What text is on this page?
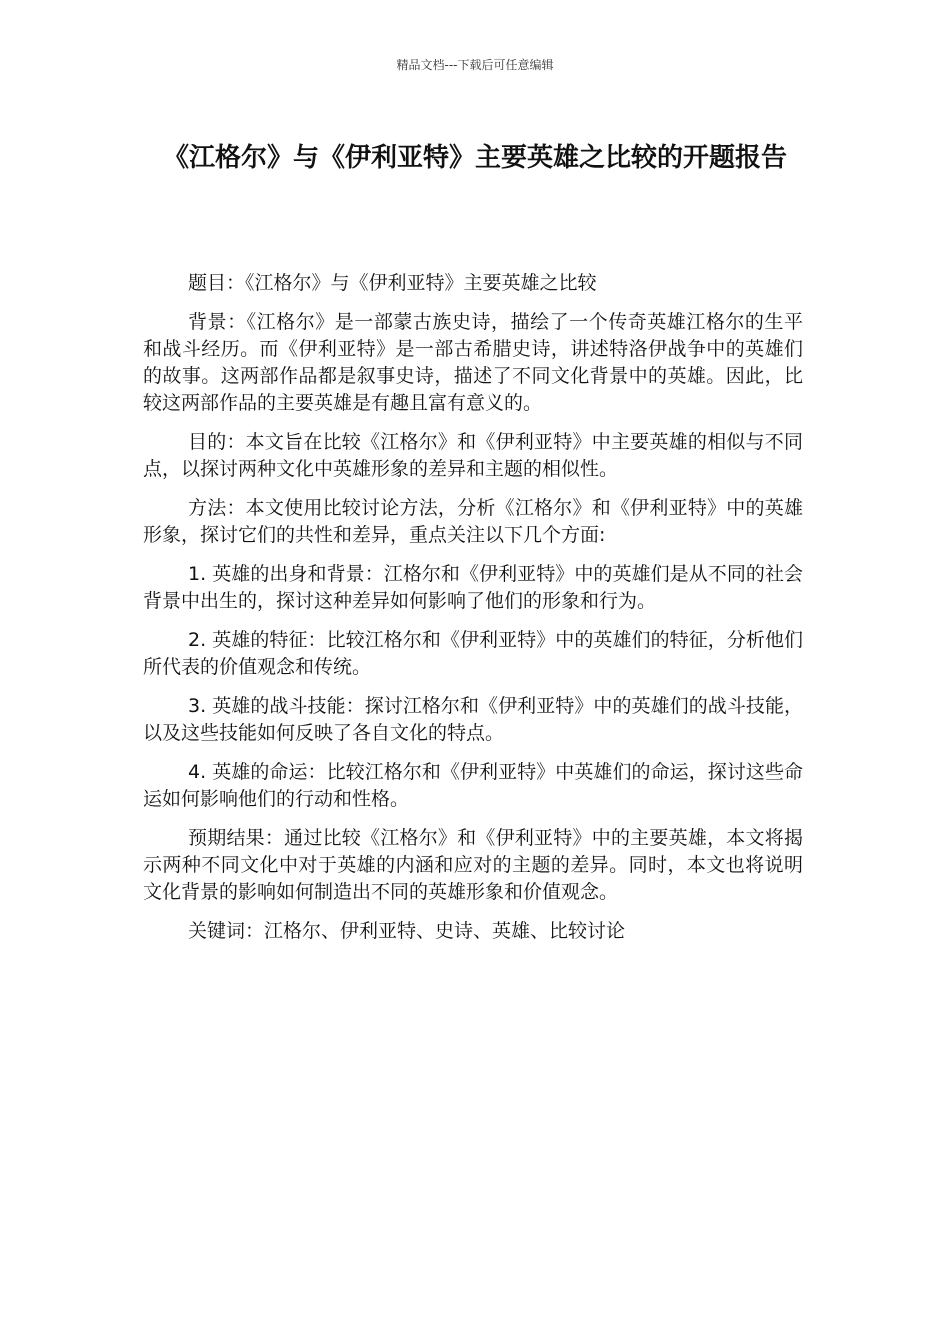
精品文档---下载后可任意编辑
《江格尔》与《伊利亚特》主要英雄之比较的开题报告

题目：《江格尔》与《伊利亚特》主要英雄之比较

背景：《江格尔》是一部蒙古族史诗，描绘了一个传奇英雄江格尔的生平和战斗经历。而《伊利亚特》是一部古希腊史诗，讲述特洛伊战争中的英雄们的故事。这两部作品都是叙事史诗，描述了不同文化背景中的英雄。因此，比较这两部作品的主要英雄是有趣且富有意义的。

目的：本文旨在比较《江格尔》和《伊利亚特》中主要英雄的相似与不同点，以探讨两种文化中英雄形象的差异和主题的相似性。

方法：本文使用比较讨论方法，分析《江格尔》和《伊利亚特》中的英雄形象，探讨它们的共性和差异，重点关注以下几个方面:

1. 英雄的出身和背景：江格尔和《伊利亚特》中的英雄们是从不同的社会背景中出生的，探讨这种差异如何影响了他们的形象和行为。

2. 英雄的特征：比较江格尔和《伊利亚特》中的英雄们的特征，分析他们所代表的价值观念和传统。

3. 英雄的战斗技能：探讨江格尔和《伊利亚特》中的英雄们的战斗技能，以及这些技能如何反映了各自文化的特点。

4. 英雄的命运：比较江格尔和《伊利亚特》中英雄们的命运，探讨这些命运如何影响他们的行动和性格。

预期结果：通过比较《江格尔》和《伊利亚特》中的主要英雄，本文将揭示两种不同文化中对于英雄的内涵和应对的主题的差异。同时，本文也将说明文化背景的影响如何制造出不同的英雄形象和价值观念。

关键词：江格尔、伊利亚特、史诗、英雄、比较讨论
